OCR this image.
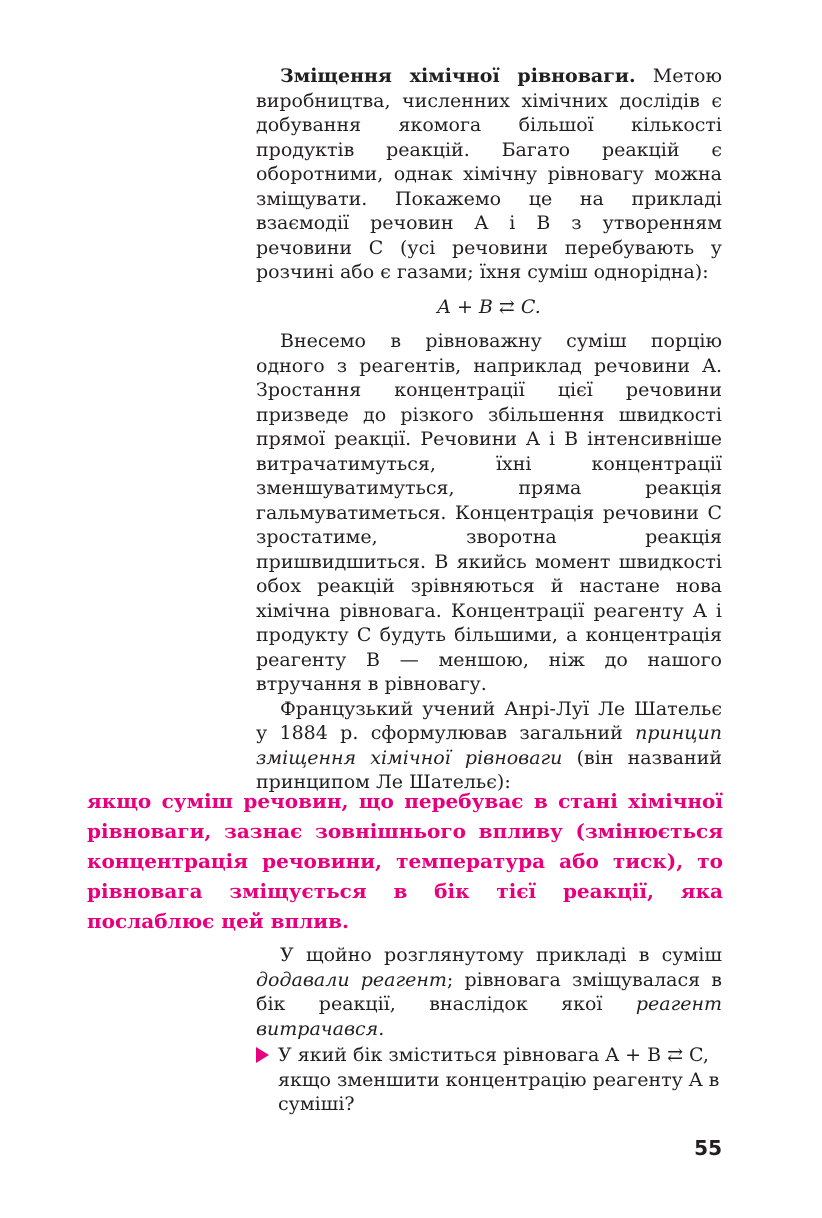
Зміщення хімічної рівноваги. Метою виробництва, численних хімічних дослідів є добування якомога більшої кількості продуктів реакцій. Багато реакцій є оборотними, однак хімічну рівновагу можна зміщувати. Покажемо це на прикладі взаємодії речовин A і B з утворенням речовини C (усі речовини перебувають у розчині або є газами; їхня суміш однорідна):

A + B ⇄ C.

Внесемо в рівноважну суміш порцію одного з реагентів, наприклад речовини A. Зростання концентрації цієї речовини призведе до різкого збільшення швидкості прямої реакції. Речовини A і B інтенсивніше витрачатимуться, їхні концентрації зменшуватимуться, пряма реакція гальмуватиметься. Концентрація речовини C зростатиме, зворотна реакція пришвидшиться. В якийсь момент швидкості обох реакцій зрівняються й настане нова хімічна рівновага. Концентрації реагенту A і продукту C будуть більшими, а концентрація реагенту B — меншою, ніж до нашого втручання в рівновагу.

Французький учений Анрі-Луї Ле Шательє у 1884 р. сформулював загальний принцип зміщення хімічної рівноваги (він названий принципом Ле Шательє):

якщо суміш речовин, що перебуває в стані хімічної рівноваги, зазнає зовнішнього впливу (змінюється концентрація речовини, температура або тиск), то рівновага зміщується в бік тієї реакції, яка послаблює цей вплив.

У щойно розглянутому прикладі в суміш додавали реагент; рівновага зміщувалася в бік реакції, внаслідок якої реагент витрачався.

У який бік зміститься рівновага A + B ⇄ C, якщо зменшити концентрацію реагенту A в суміші?
55
